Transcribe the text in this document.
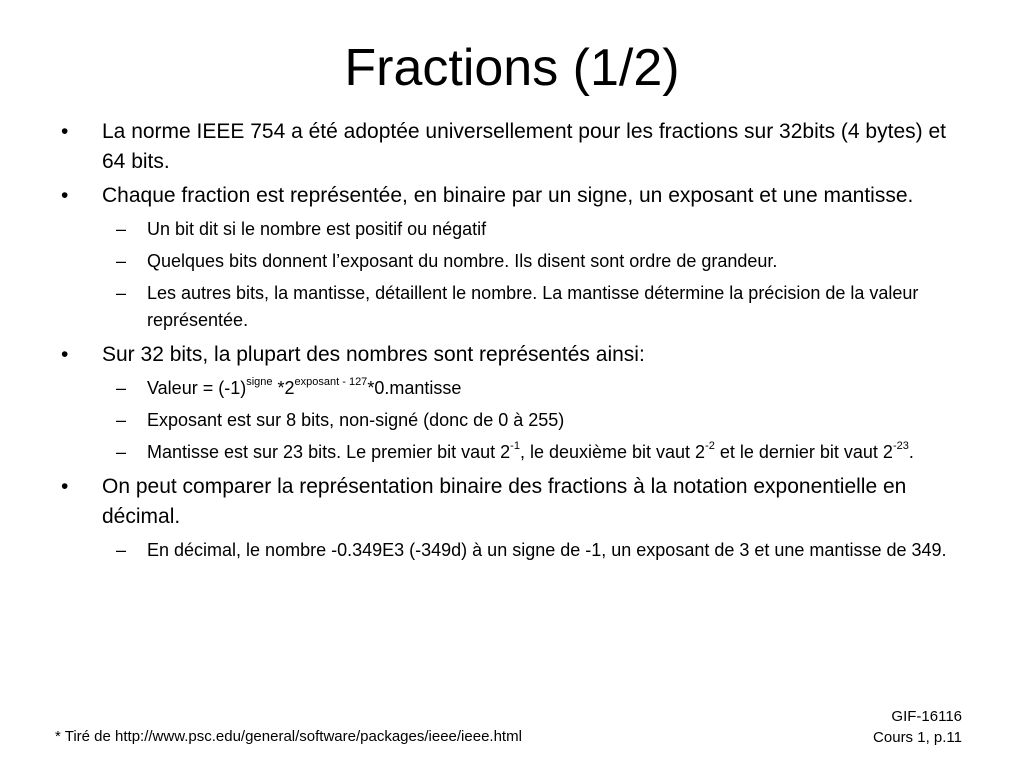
Fractions (1/2)
• La norme IEEE 754 a été adoptée universellement pour les fractions sur 32bits (4 bytes) et 64 bits.
• Chaque fraction est représentée, en binaire par un signe, un exposant et une mantisse.
– Un bit dit si le nombre est positif ou négatif
– Quelques bits donnent l’exposant du nombre. Ils disent sont ordre de grandeur.
– Les autres bits, la mantisse, détaillent le nombre. La mantisse détermine la précision de la valeur représentée.
• Sur 32 bits, la plupart des nombres sont représentés ainsi:
– Valeur = $(-1)^{signe}$ $*2^{exposant - 127}*0.mantisse$
– Exposant est sur 8 bits, non-signé (donc de 0 à 255)
– Mantisse est sur 23 bits. Le premier bit vaut $2^{-1}$, le deuxième bit vaut $2^{-2}$ et le dernier bit vaut $2^{-23}$.
• On peut comparer la représentation binaire des fractions à la notation exponentielle en décimal.
– En décimal, le nombre -0.349E3 (-349d) à un signe de -1, un exposant de 3 et une mantisse de 349.
* Tiré de http://www.psc.edu/general/software/packages/ieee/ieee.html
GIF-16116
Cours 1, p.11
